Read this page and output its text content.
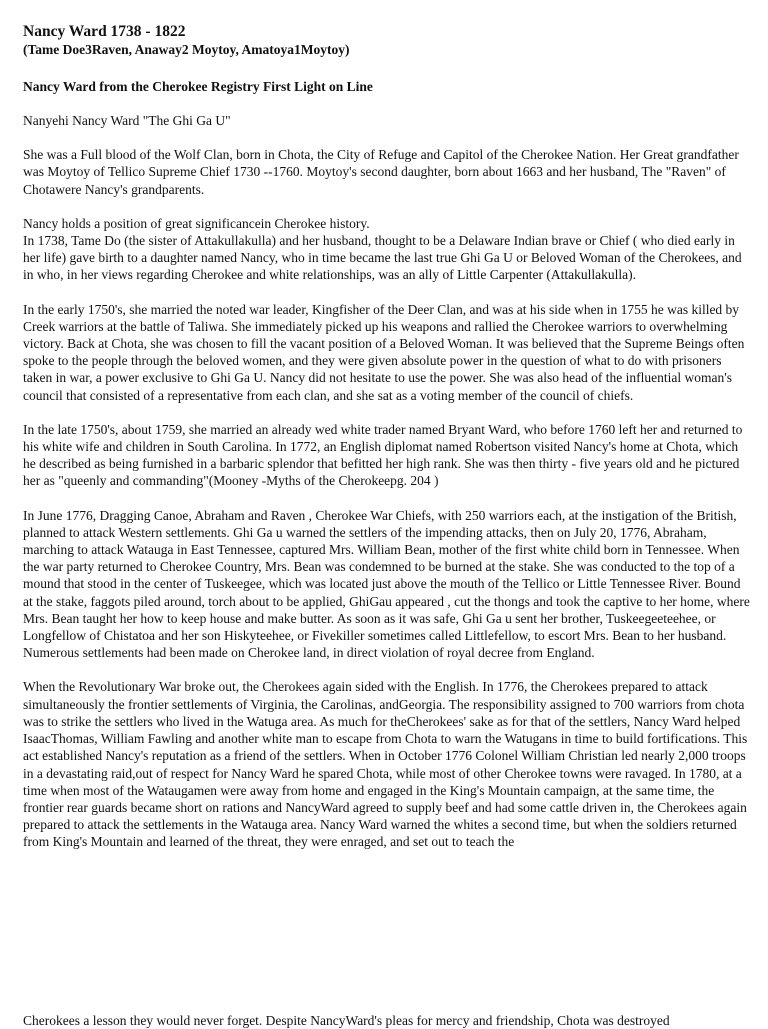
Nancy Ward 1738 - 1822
(Tame Doe3Raven, Anaway2 Moytoy, Amatoya1Moytoy)
Nancy Ward from the Cherokee Registry First Light on Line

Nanyehi Nancy Ward "The Ghi Ga U"

She was a Full blood of the Wolf Clan, born in Chota, the City of Refuge and Capitol of the Cherokee Nation. Her Great grandfather was Moytoy of Tellico Supreme Chief 1730 --1760. Moytoy's second daughter, born about 1663 and her husband, The "Raven" of Chotawere Nancy's grandparents.

Nancy holds a position of great significancein Cherokee history.

In 1738, Tame Do (the sister of Attakullakulla) and her husband, thought to be a Delaware Indian brave or Chief ( who died early in her life) gave birth to a daughter named Nancy, who in time became the last true Ghi Ga U or Beloved Woman of the Cherokees, and in who, in her views regarding Cherokee and white relationships, was an ally of Little Carpenter (Attakullakulla).

In the early 1750's, she married the noted war leader, Kingfisher of the Deer Clan, and was at his side when in 1755 he was killed by Creek warriors at the battle of Taliwa. She immediately picked up his weapons and rallied the Cherokee warriors to overwhelming victory. Back at Chota, she was chosen to fill the vacant position of a Beloved Woman. It was believed that the Supreme Beings often spoke to the people through the beloved women, and they were given absolute power in the question of what to do with prisoners taken in war, a power exclusive to Ghi Ga U. Nancy did not hesitate to use the power. She was also head of the influential woman's council that consisted of a representative from each clan, and she sat as a voting member of the council of chiefs.

In the late 1750's, about 1759, she married an already wed white trader named Bryant Ward, who before 1760 left her and returned to his white wife and children in South Carolina. In 1772, an English diplomat named Robertson visited Nancy's home at Chota, which he described as being furnished in a barbaric splendor that befitted her high rank. She was then thirty - five years old and he pictured her as "queenly and commanding"(Mooney -Myths of the Cherokeepg. 204 )

In June 1776, Dragging Canoe, Abraham and Raven , Cherokee War Chiefs, with 250 warriors each, at the instigation of the British, planned to attack Western settlements. Ghi Ga u warned the settlers of the impending attacks, then on July 20, 1776, Abraham, marching to attack Watauga in East Tennessee, captured Mrs. William Bean, mother of the first white child born in Tennessee. When the war party returned to Cherokee Country, Mrs. Bean was condemned to be burned at the stake. She was conducted to the top of a mound that stood in the center of Tuskeegee, which was located just above the mouth of the Tellico or Little Tennessee River. Bound at the stake, faggots piled around, torch about to be applied, GhiGau appeared , cut the thongs and took the captive to her home, where Mrs. Bean taught her how to keep house and make butter. As soon as it was safe, Ghi Ga u sent her brother, Tuskeegeeteehee, or Longfellow of Chistatoa and her son Hiskyteehee, or Fivekiller sometimes called Littlefellow, to escort Mrs. Bean to her husband. Numerous settlements had been made on Cherokee land, in direct violation of royal decree from England.

When the Revolutionary War broke out, the Cherokees again sided with the English. In 1776, the Cherokees prepared to attack simultaneously the frontier settlements of Virginia, the Carolinas, andGeorgia. The responsibility assigned to 700 warriors from chota was to strike the settlers who lived in the Watuga area. As much for theCherokees' sake as for that of the settlers, Nancy Ward helped IsaacThomas, William Fawling and another white man to escape from Chota to warn the Watugans in time to build fortifications. This act established Nancy's reputation as a friend of the settlers. When in October 1776 Colonel William Christian led nearly 2,000 troops in a devastating raid,out of respect for Nancy Ward he spared Chota, while most of other Cherokee towns were ravaged. In 1780, at a time when most of the Wataugamen were away from home and engaged in the King's Mountain campaign, at the same time, the frontier rear guards became short on rations and NancyWard agreed to supply beef and had some cattle driven in, the Cherokees again prepared to attack the settlements in the Watauga area. Nancy Ward warned the whites a second time, but when the soldiers returned from King's Mountain and learned of the threat, they were enraged, and set out to teach the

Cherokees a lesson they would never forget. Despite NancyWard's pleas for mercy and friendship, Chota was destroyed
